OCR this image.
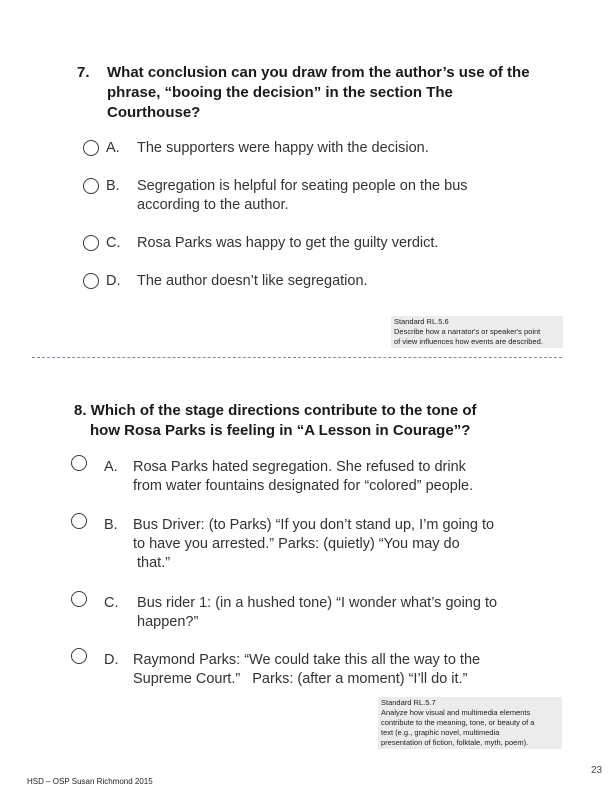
7. What conclusion can you draw from the author’s use of the
phrase, “booing the decision” in the section The
Courthouse?
A. The supporters were happy with the decision.
B. Segregation is helpful for seating people on the bus
according to the author.
C. Rosa Parks was happy to get the guilty verdict.
D. The author doesn’t like segregation.
Standard RL.5.6
Describe how a narrator's or speaker's point
of view influences how events are described.
8. Which of the stage directions contribute to the tone of
how Rosa Parks is feeling in “A Lesson in Courage”?
A. Rosa Parks hated segregation. She refused to drink
from water fountains designated for “colored” people.
B. Bus Driver: (to Parks) “If you don’t stand up, I’m going to
to have you arrested.” Parks: (quietly) “You may do
that.”
C. Bus rider 1: (in a hushed tone) “I wonder what’s going to
happen?”
D. Raymond Parks: “We could take this all the way to the
Supreme Court.”   Parks: (after a moment) “I’ll do it.”
Standard RL.5.7
Analyze how visual and multimedia elements
contribute to the meaning, tone, or beauty of a
text (e.g., graphic novel, multimedia
presentation of fiction, folktale, myth, poem).
23
HSD – OSP Susan Richmond 2015
